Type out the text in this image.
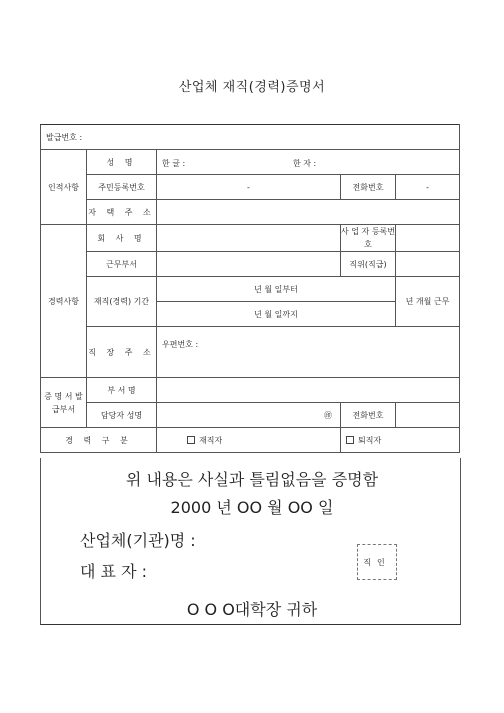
산업체 재직(경력)증명서
발급번호 :				
인적사항	성 명	한 글 : 한 자 :		

	주민등록번호	-	전화번호	-
	자 택 주 소			
경력사항	회 사 명		사 업 자 등록번호	
	근무부서		직위(직급)	
	재직(경력) 기간	년 월 일부터		년 개월 근무
		년 월 일까지		
	직 장 주 소	우편번호 :		
증 명 서 발급부서	부 서 명			
	담당자 성명	㊞	전화번호	
경 력 구 분		재직자	퇴직자	
위 내용은 사실과 틀림없음을 증명함
2000 년 OO 월 OO 일
산업체(기관)명 :
대 표 자 :	직인
O O O대학장 귀하
